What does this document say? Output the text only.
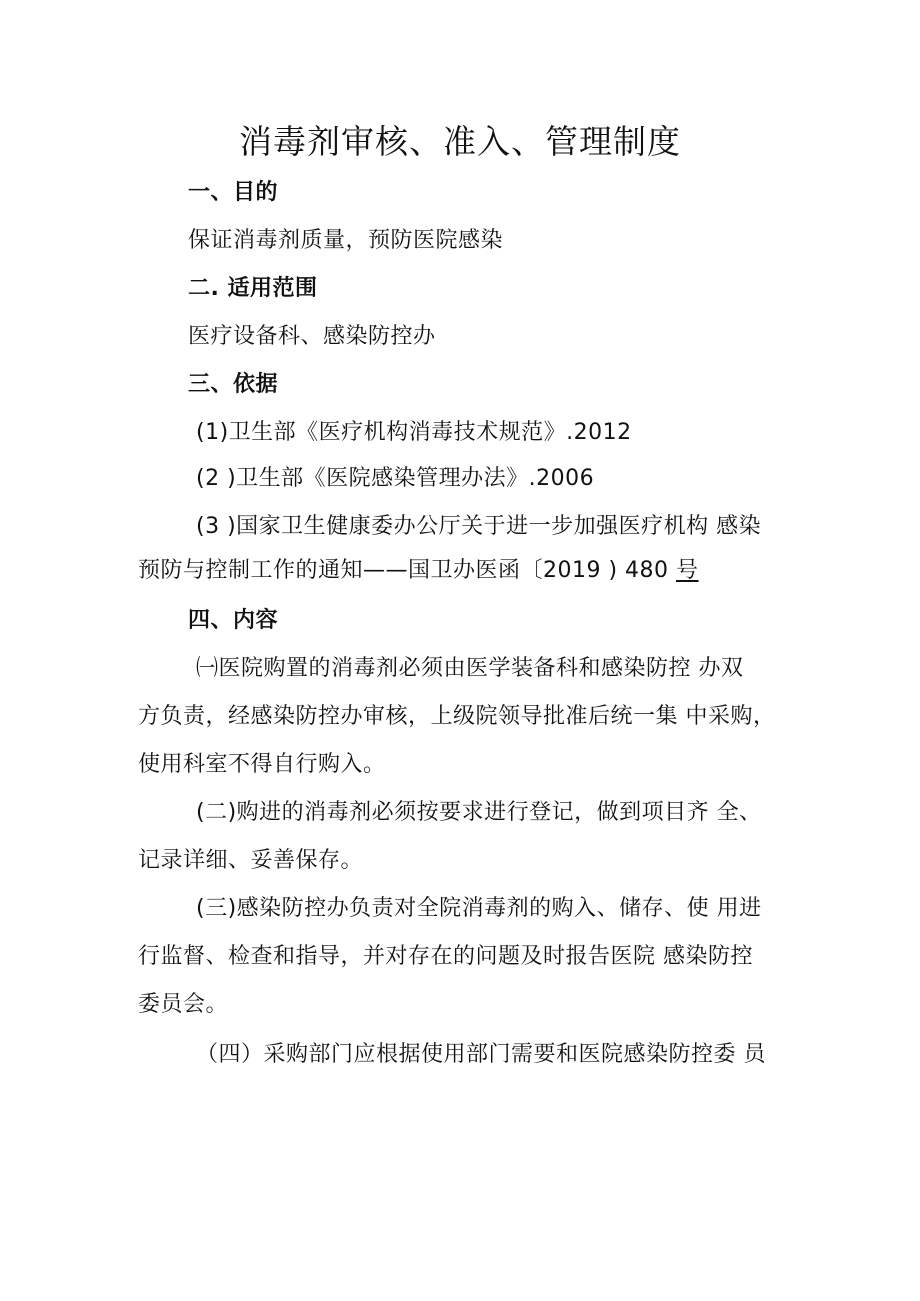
消毒剂审核、准入、管理制度
一、目的
保证消毒剂质量，预防医院感染
二. 适用范围
医疗设备科、感染防控办
三、依据
(1)卫生部《医疗机构消毒技术规范》.2012
(2 )卫生部《医院感染管理办法》.2006
(3 )国家卫生健康委办公厅关于进一步加强医疗机构 感染
预防与控制工作的通知——国卫办医函〔2019 ) 480 号
四、内容
㈠医院购置的消毒剂必须由医学装备科和感染防控 办双
方负责，经感染防控办审核，上级院领导批准后统一集 中采购，
使用科室不得自行购入。
(二)购进的消毒剂必须按要求进行登记，做到项目齐 全、
记录详细、妥善保存。
(三)感染防控办负责对全院消毒剂的购入、储存、使 用进
行监督、检查和指导，并对存在的问题及时报告医院 感染防控
委员会。
（四）采购部门应根据使用部门需要和医院感染防控委 员
